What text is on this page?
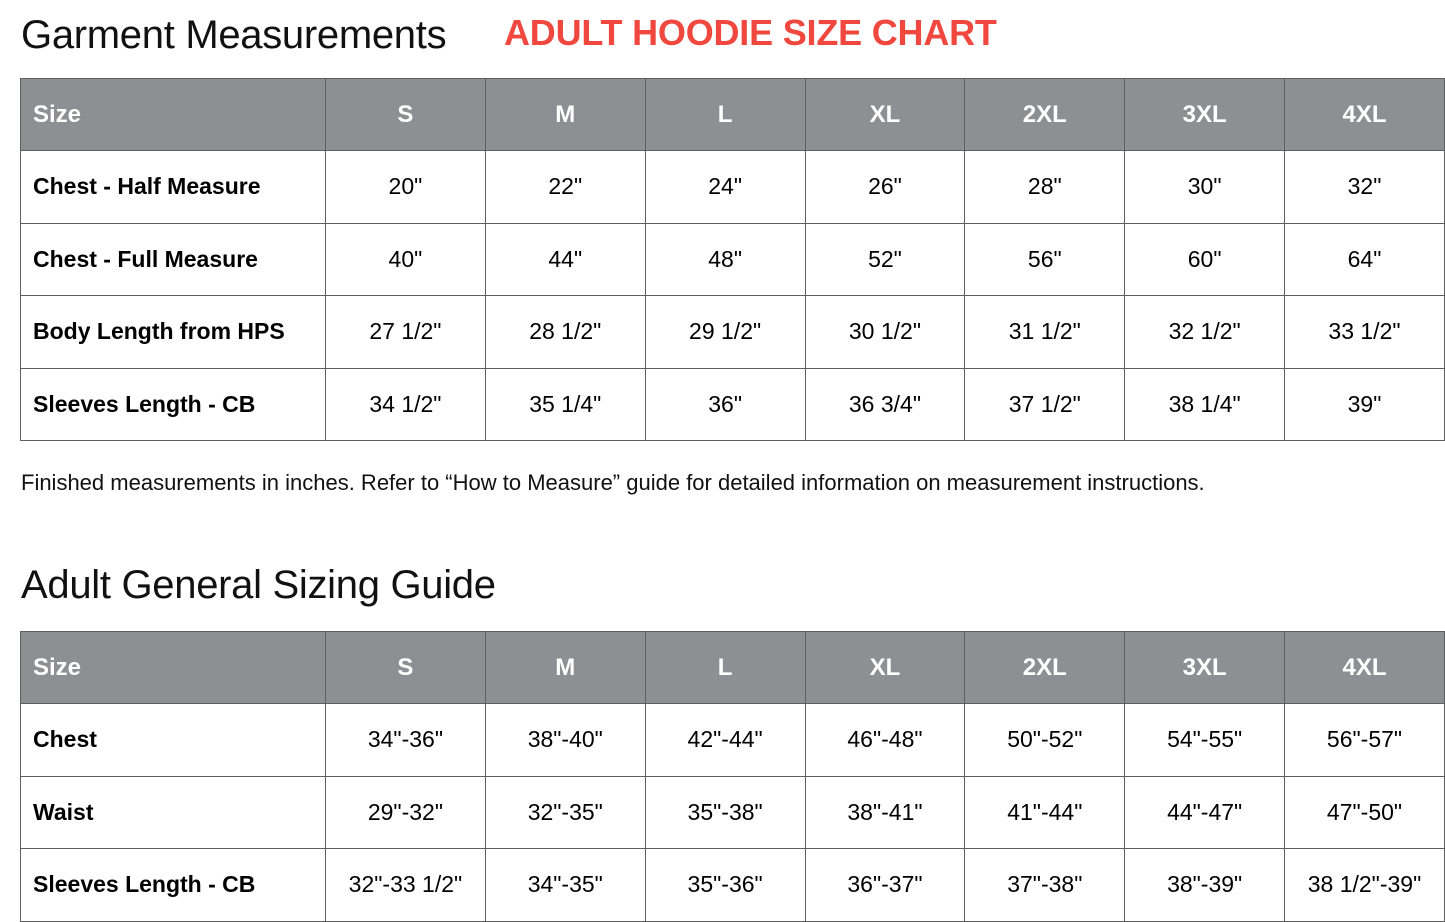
Garment Measurements ADULT HOODIE SIZE CHART
Size	S	M	L	XL	2XL	3XL	4XL
Chest - Half Measure	20"	22"	24"	26"	28"	30"	32"
Chest - Full Measure	40"	44"	48"	52"	56"	60"	64"
Body Length from HPS	27 1/2"	28 1/2"	29 1/2"	30 1/2"	31 1/2"	32 1/2"	33 1/2"
Sleeves Length - CB	34 1/2"	35 1/4"	36"	36 3/4"	37 1/2"	38 1/4"	39"

Finished measurements in inches. Refer to “How to Measure” guide for detailed information on measurement instructions.

Adult General Sizing Guide
Size	S	M	L	XL	2XL	3XL	4XL
Chest	34"-36"	38"-40"	42"-44"	46"-48"	50"-52"	54"-55"	56"-57"
Waist	29"-32"	32"-35"	35"-38"	38"-41"	41"-44"	44"-47"	47"-50"
Sleeves Length - CB	32"-33 1/2"	34"-35"	35"-36"	36"-37"	37"-38"	38"-39"	38 1/2"-39"
